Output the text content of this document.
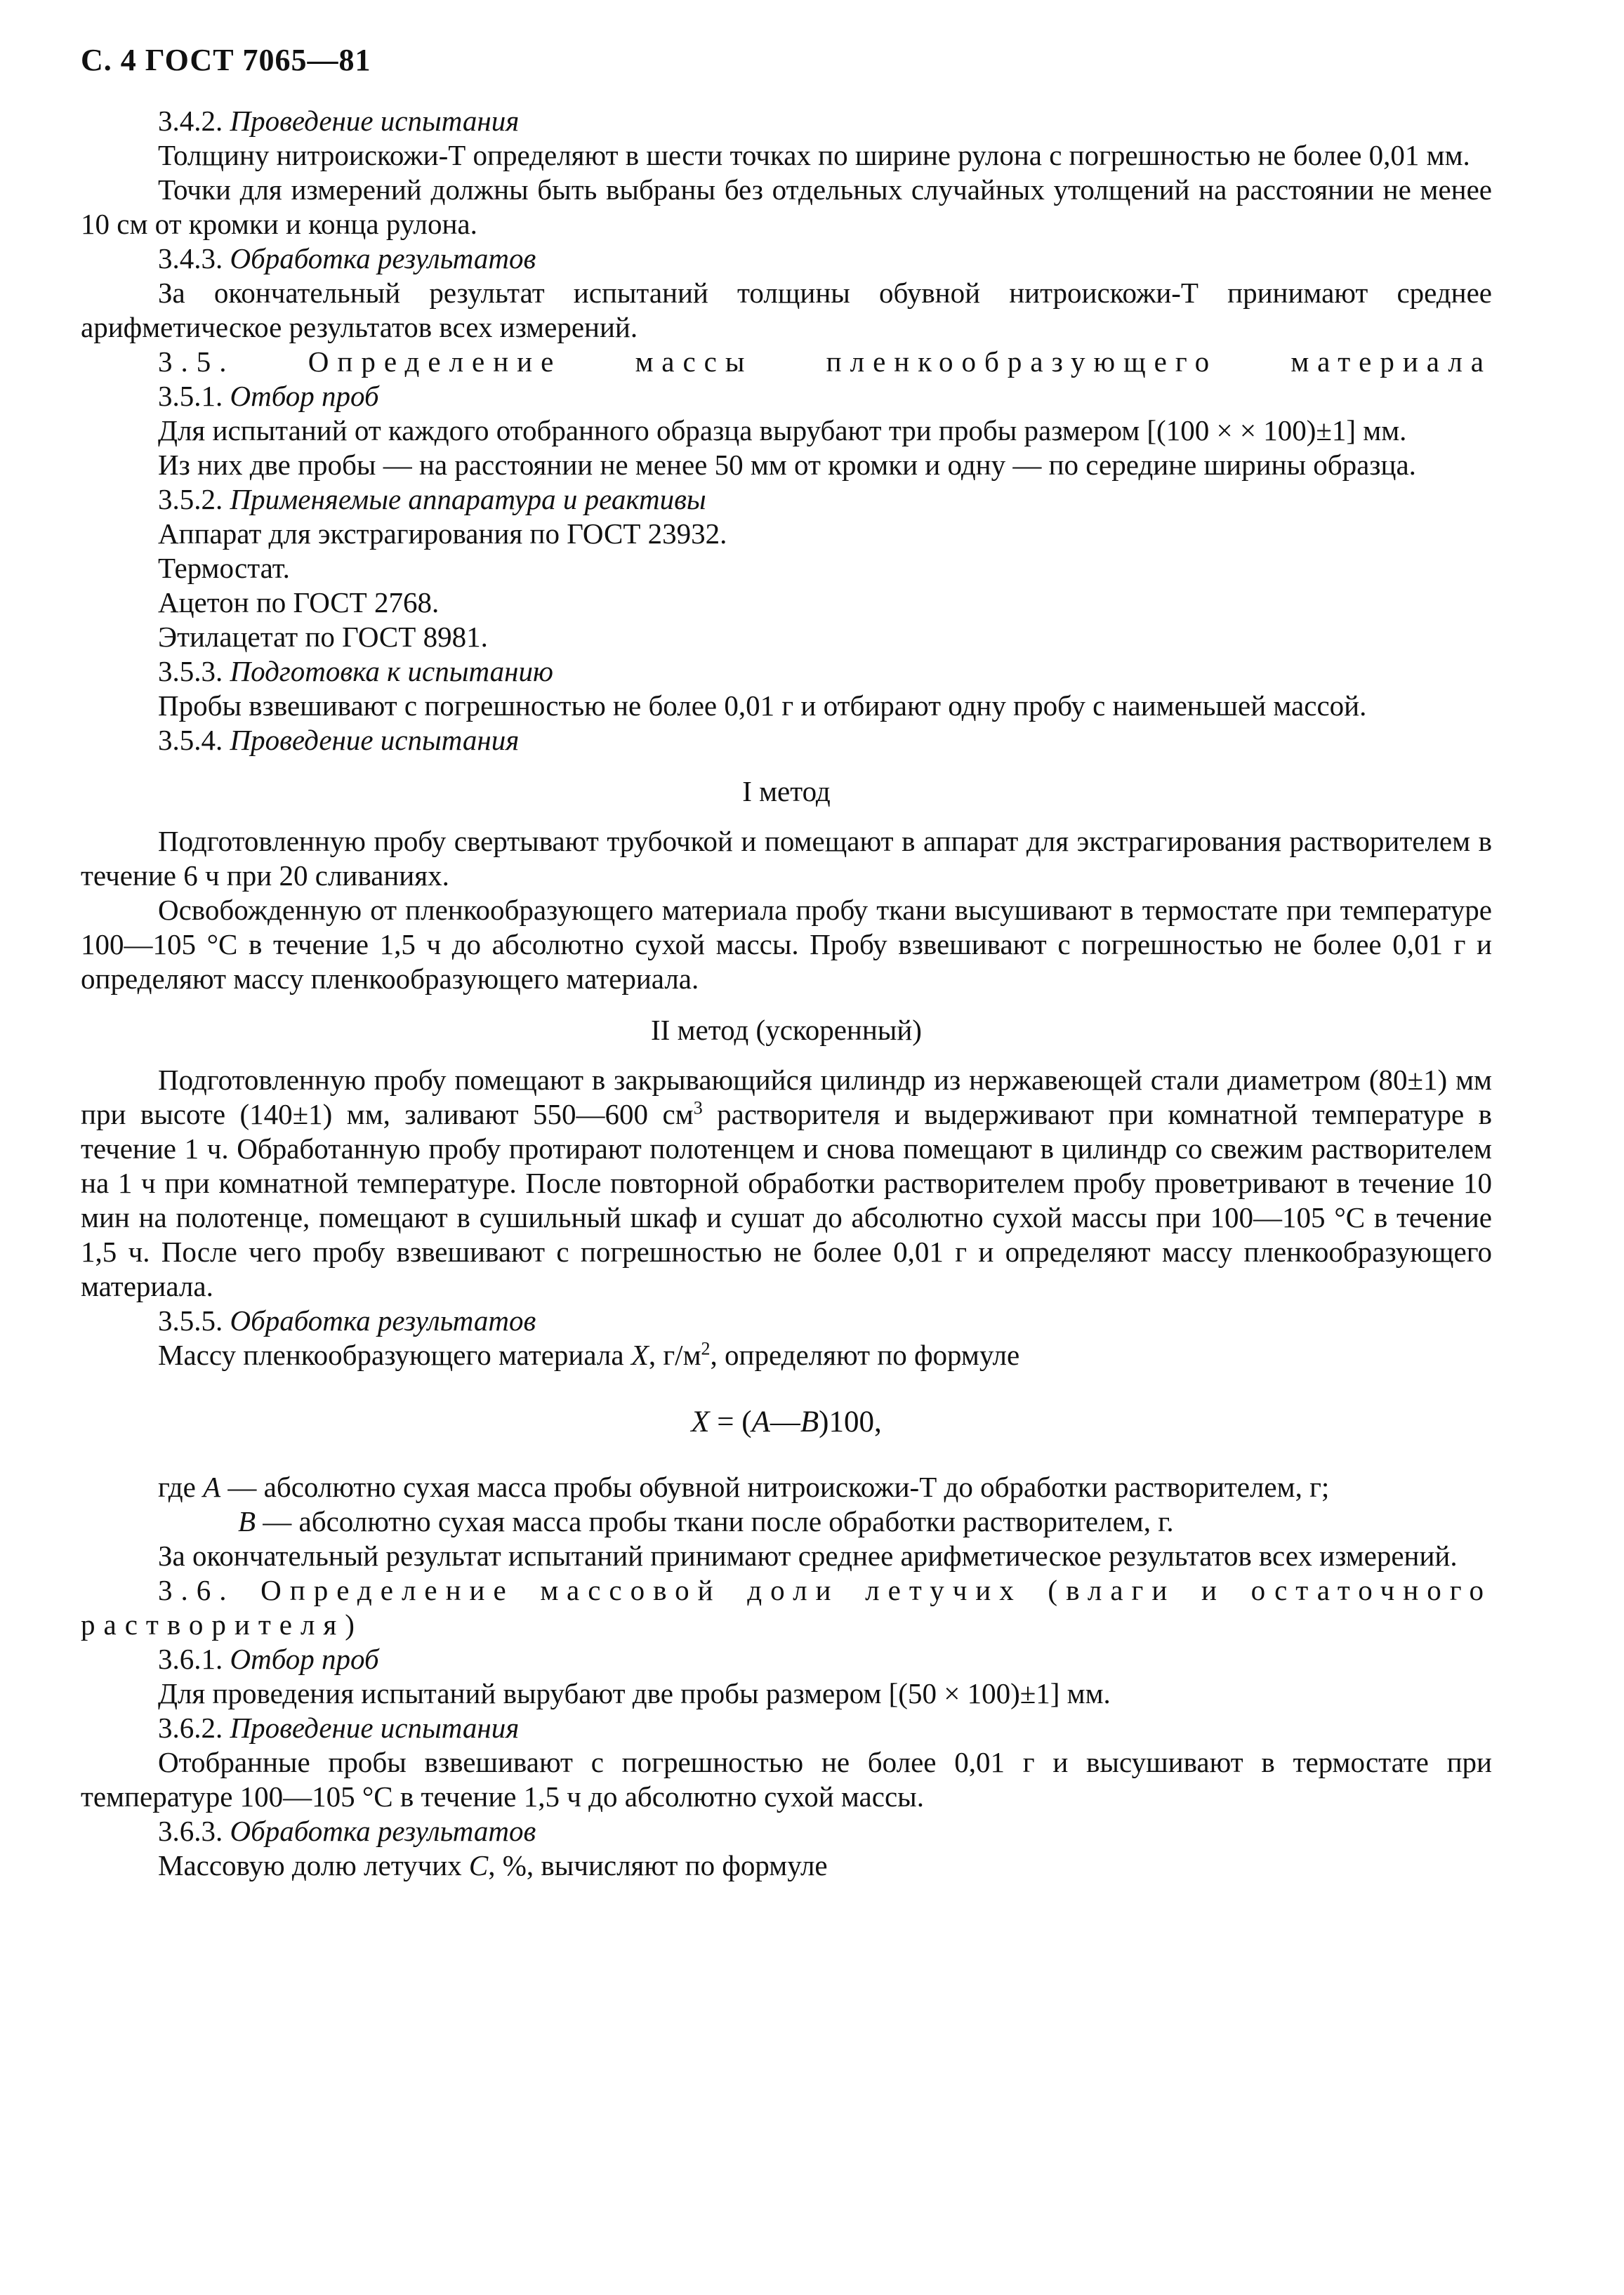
С. 4 ГОСТ 7065—81

3.4.2. Проведение испытания

Толщину нитроискожи-Т определяют в шести точках по ширине рулона с погрешностью не более 0,01 мм.

Точки для измерений должны быть выбраны без отдельных случайных утолщений на расстоянии не менее 10 см от кромки и конца рулона.

3.4.3. Обработка результатов

За окончательный результат испытаний толщины обувной нитроискожи-Т принимают среднее арифметическое результатов всех измерений.

3.5. Определение массы пленкообразующего материала

3.5.1. Отбор проб

Для испытаний от каждого отобранного образца вырубают три пробы размером [(100 × × 100)±1] мм.

Из них две пробы — на расстоянии не менее 50 мм от кромки и одну — по середине ширины образца.

3.5.2. Применяемые аппаратура и реактивы

Аппарат для экстрагирования по ГОСТ 23932.

Термостат.

Ацетон по ГОСТ 2768.

Этилацетат по ГОСТ 8981.

3.5.3. Подготовка к испытанию

Пробы взвешивают с погрешностью не более 0,01 г и отбирают одну пробу с наименьшей массой.

3.5.4. Проведение испытания

I метод

Подготовленную пробу свертывают трубочкой и помещают в аппарат для экстрагирования растворителем в течение 6 ч при 20 сливаниях.

Освобожденную от пленкообразующего материала пробу ткани высушивают в термостате при температуре 100—105 °С в течение 1,5 ч до абсолютно сухой массы. Пробу взвешивают с погрешностью не более 0,01 г и определяют массу пленкообразующего материала.

II метод (ускоренный)

Подготовленную пробу помещают в закрывающийся цилиндр из нержавеющей стали диаметром (80±1) мм при высоте (140±1) мм, заливают 550—600 $см^3$ растворителя и выдерживают при комнатной температуре в течение 1 ч. Обработанную пробу протирают полотенцем и снова помещают в цилиндр со свежим растворителем на 1 ч при комнатной температуре. После повторной обработки растворителем пробу проветривают в течение 10 мин на полотенце, помещают в сушильный шкаф и сушат до абсолютно сухой массы при 100—105 °С в течение 1,5 ч. После чего пробу взвешивают с погрешностью не более 0,01 г и определяют массу пленкообразующего материала.

3.5.5. Обработка результатов

Массу пленкообразующего материала X, $г/м^2$, определяют по формуле

X = (A—B)100,

где A — абсолютно сухая масса пробы обувной нитроискожи-Т до обработки растворителем, г;

B — абсолютно сухая масса пробы ткани после обработки растворителем, г.

За окончательный результат испытаний принимают среднее арифметическое результатов всех измерений.

3.6. Определение массовой доли летучих (влаги и остаточного растворителя)

3.6.1. Отбор проб

Для проведения испытаний вырубают две пробы размером [(50 × 100)±1] мм.

3.6.2. Проведение испытания

Отобранные пробы взвешивают с погрешностью не более 0,01 г и высушивают в термостате при температуре 100—105 °С в течение 1,5 ч до абсолютно сухой массы.

3.6.3. Обработка результатов

Массовую долю летучих С, %, вычисляют по формуле
